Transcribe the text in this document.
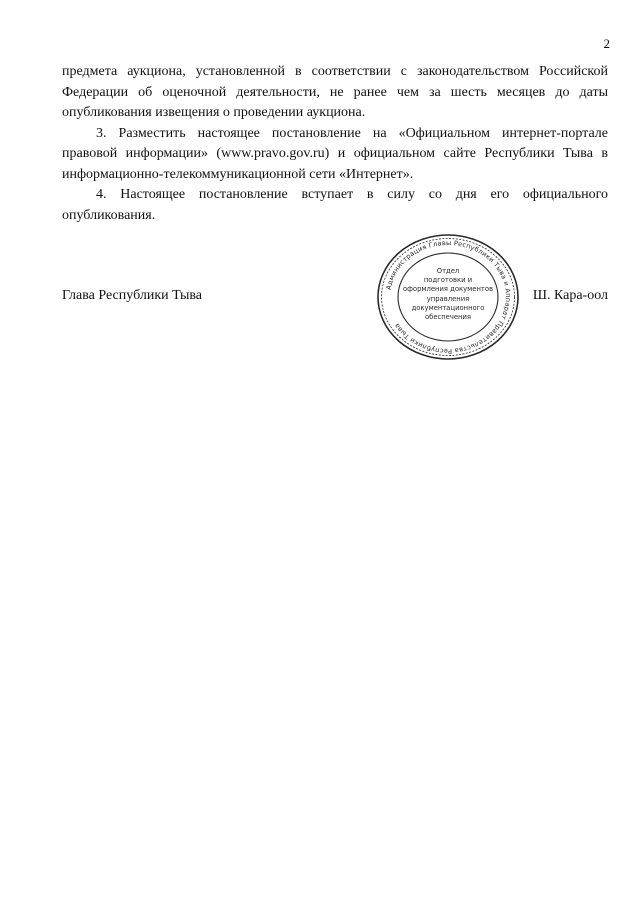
2

предмета аукциона, установленной в соответствии с законодательством Российской Федерации об оценочной деятельности, не ранее чем за шесть месяцев до даты опубликования извещения о проведении аукциона.

3. Разместить настоящее постановление на «Официальном интернет-портале правовой информации» (www.pravo.gov.ru) и официальном сайте Республики Тыва в информационно-телекоммуникационной сети «Интернет».

4. Настоящее постановление вступает в силу со дня его официального опубликования.

Глава Республики Тыва
Администрация Главы Республики Тыва и Аппарат Правительства Республики Тыва
Отдел
подготовки и
оформления документов
управления
документационного
обеспечения
Ш. Кара-оол
